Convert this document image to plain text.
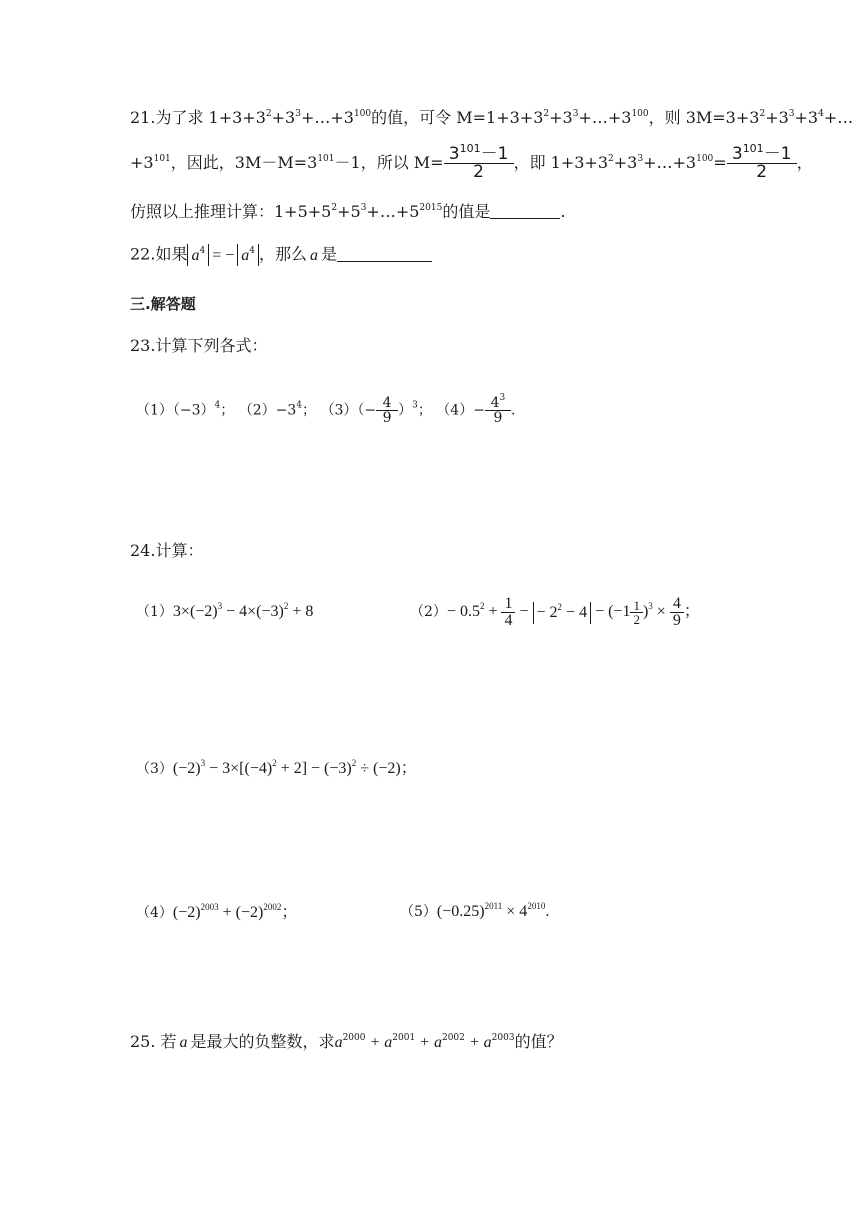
21.为了求 $1+3+3^2+3^3+\dots+3^{100}$的值，可令 $M=1+3+3^2+3^3+\dots+3^{100}$，则 $3M=3+3^2+3^3+3^4+\dots$
$+3^{101}$，因此，$3M-M=3^{101}-1$，所以 $M= \frac{3^{101}-1}{2}$ ，即 $1+3+3^2+3^3+\dots+3^{100}= \frac{3^{101}-1}{2}$ ，
仿照以上推理计算：$1+5+5^2+5^3+\dots+5^{2015}$的值是	.
22.如果 $a^4$ = − $a^4$ ，那么 a 是
三.解答题
23.计算下列各式：
$(1)(-3)^4$； $(2)-3^4$； $(3)(- \frac{4}{9} )^3$； $(4)- \frac{4^3}{9}$ .
24.计算：
$(1)3\times(-2)^3 - 4\times(-3)^2 + 8$	$(2)- 0.5^2 + \frac{1}{4}$ − − $2^2 - 4 - (-1 \frac{1}{2} )^3 \times \frac{4}{9}$ ；
$(3)(-2)^3 - 3\times[(-4)^2 + 2] - (-3)^2 \div (-2)$；
$(4)(-2)^{2003} + (-2)^{2002}$；	$(5)(-0.25)^{2011} \times 4^{2010}$.
25. 若 a 是最大的负整数，求$a^{2000} + a^{2001} + a^{2002} + a^{2003}$的值？
